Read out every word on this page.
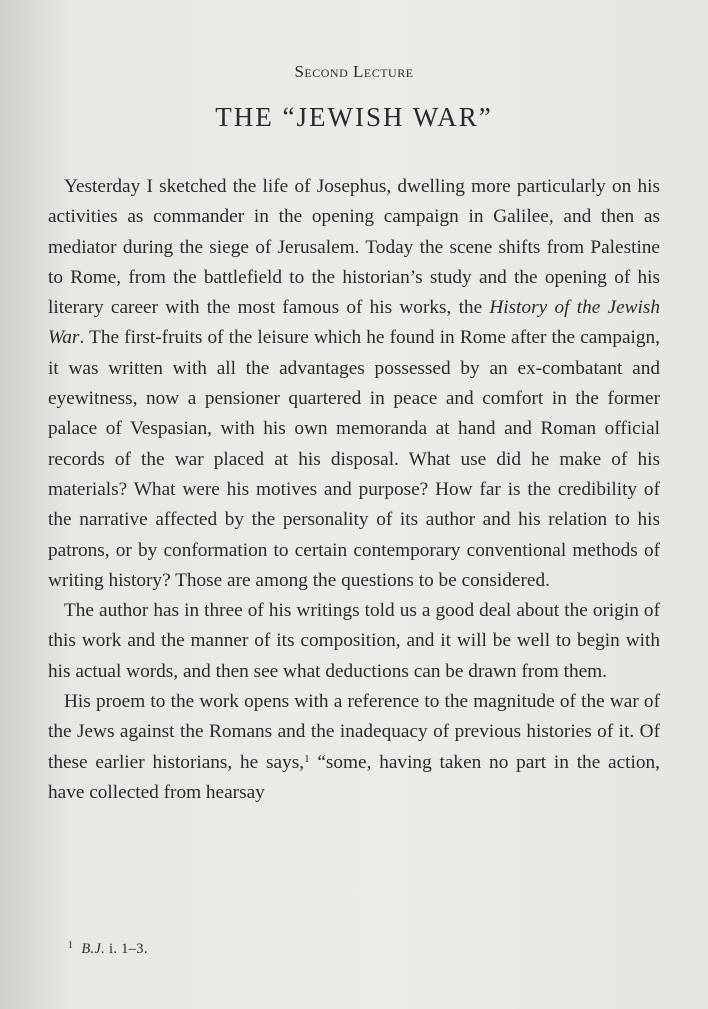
Second Lecture
THE “JEWISH WAR”

Yesterday I sketched the life of Josephus, dwelling more particularly on his activities as commander in the opening campaign in Galilee, and then as mediator during the siege of Jerusalem. Today the scene shifts from Palestine to Rome, from the battlefield to the historian’s study and the opening of his literary career with the most famous of his works, the History of the Jewish War. The first-fruits of the leisure which he found in Rome after the campaign, it was written with all the advantages possessed by an ex-combatant and eyewitness, now a pensioner quartered in peace and comfort in the former palace of Vespasian, with his own memoranda at hand and Roman official records of the war placed at his disposal. What use did he make of his materials? What were his motives and purpose? How far is the credibility of the narrative affected by the personality of its author and his relation to his patrons, or by conformation to certain contemporary conventional methods of writing history? Those are among the questions to be considered.

The author has in three of his writings told us a good deal about the origin of this work and the manner of its composition, and it will be well to begin with his actual words, and then see what deductions can be drawn from them.

His proem to the work opens with a reference to the magnitude of the war of the Jews against the Romans and the inadequacy of previous histories of it. Of these earlier historians, he says,$^1$ “some, having taken no part in the action, have collected from hearsay

$^1$ B.J. i. 1–3.
